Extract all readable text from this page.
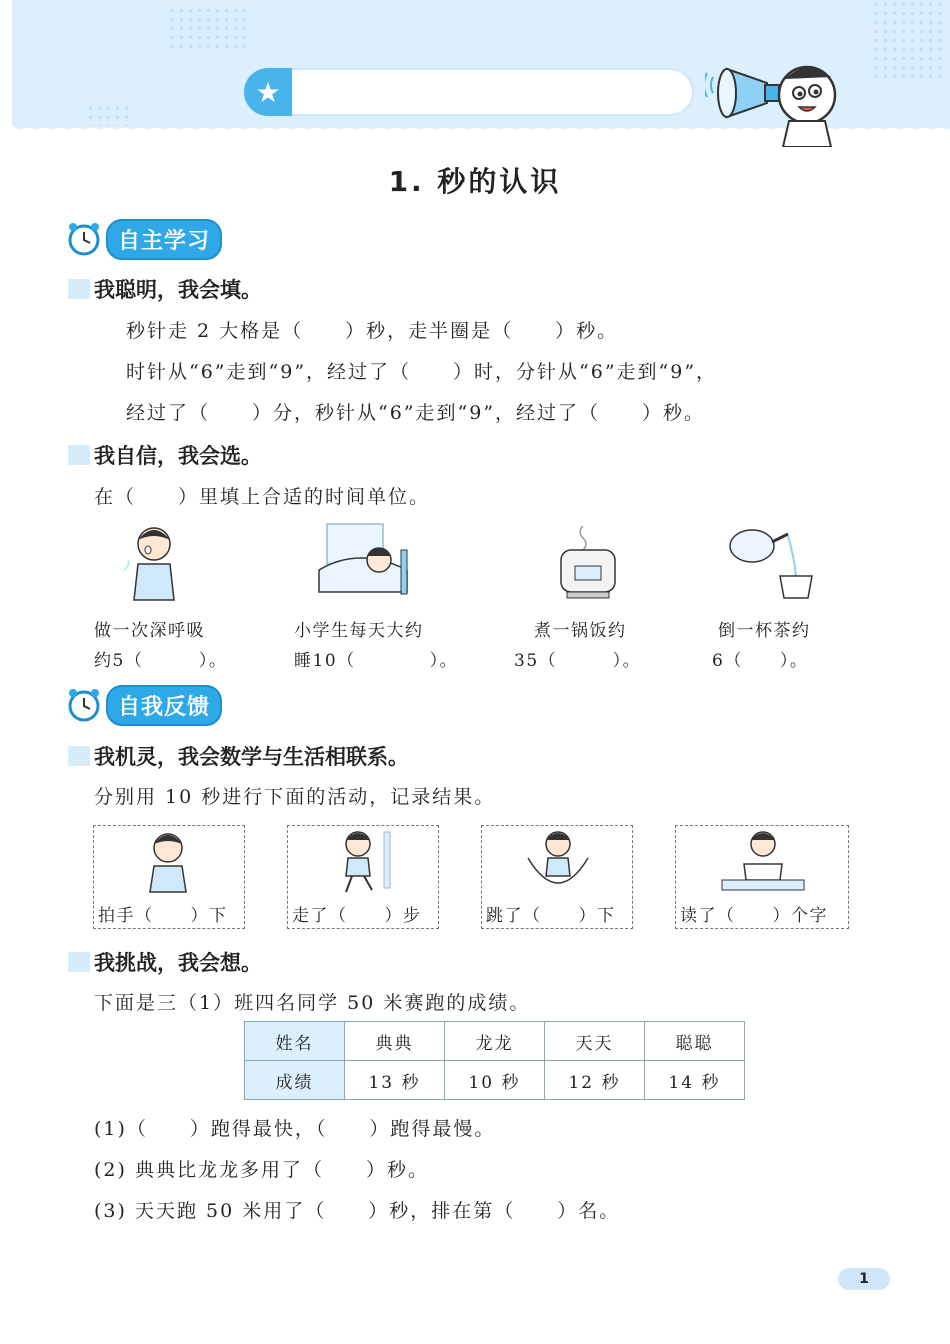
★
1. 秒的认识
自主学习
我聪明，我会填。
秒针走 2 大格是（　　）秒，走半圈是（　　）秒。
时针从“6”走到“9”，经过了（　　）时，分针从“6”走到“9”，
经过了（　　）分，秒针从“6”走到“9”，经过了（　　）秒。
我自信，我会选。
在（　　）里填上合适的时间单位。
做一次深呼吸
约5（　　　）。
小学生每天大约
睡10（　　　　）。
煮一锅饭约
35（　　　）。
倒一杯茶约
6（　　）。
自我反馈
我机灵，我会数学与生活相联系。
分别用 10 秒进行下面的活动，记录结果。
拍手（　　）下	走了（　　）步	跳了（　　）下	读了（　　）个字
我挑战，我会想。
下面是三（1）班四名同学 50 米赛跑的成绩。
姓名	典典	龙龙	天天	聪聪
成绩	13 秒	10 秒	12 秒	14 秒
(1)（　　）跑得最快，（　　）跑得最慢。
(2) 典典比龙龙多用了（　　）秒。
(3) 天天跑 50 米用了（　　）秒，排在第（　　）名。
1
